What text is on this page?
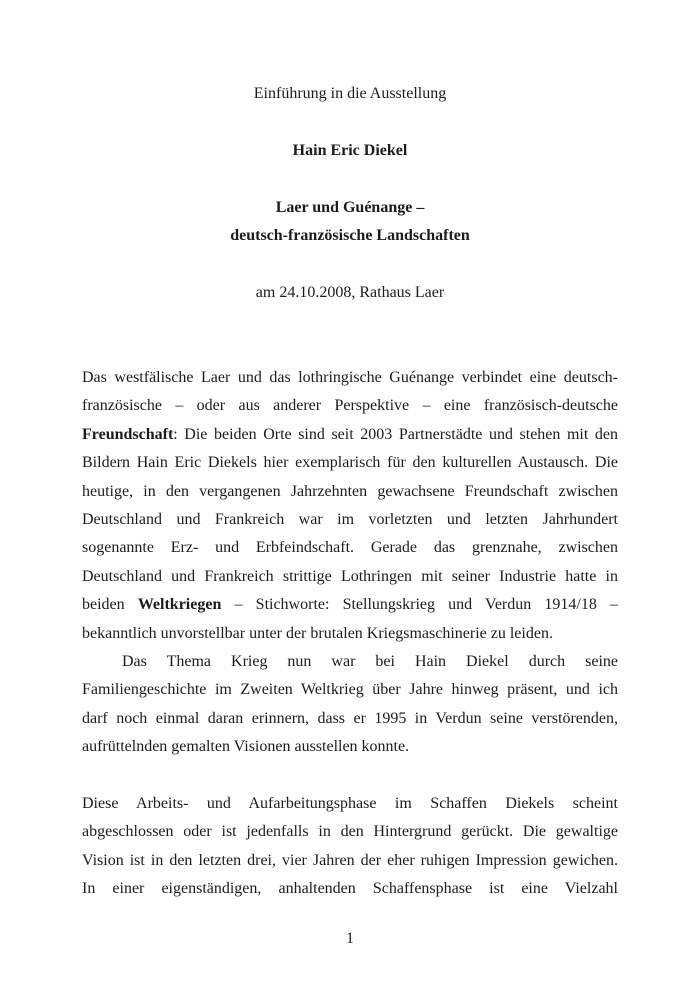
Einführung in die Ausstellung
Hain Eric Diekel
Laer und Guénange –
deutsch-französische Landschaften
am 24.10.2008, Rathaus Laer
Das westfälische Laer und das lothringische Guénange verbindet eine deutsch-
französische – oder aus anderer Perspektive – eine französisch-deutsche
Freundschaft: Die beiden Orte sind seit 2003 Partnerstädte und stehen mit den
Bildern Hain Eric Diekels hier exemplarisch für den kulturellen Austausch. Die
heutige, in den vergangenen Jahrzehnten gewachsene Freundschaft zwischen
Deutschland und Frankreich war im vorletzten und letzten Jahrhundert
sogenannte Erz- und Erbfeindschaft. Gerade das grenznahe, zwischen
Deutschland und Frankreich strittige Lothringen mit seiner Industrie hatte in
beiden Weltkriegen – Stichworte: Stellungskrieg und Verdun 1914/18 –
bekanntlich unvorstellbar unter der brutalen Kriegsmaschinerie zu leiden.
Das Thema Krieg nun war bei Hain Diekel durch seine
Familiengeschichte im Zweiten Weltkrieg über Jahre hinweg präsent, und ich
darf noch einmal daran erinnern, dass er 1995 in Verdun seine verstörenden,
aufrüttelnden gemalten Visionen ausstellen konnte.
Diese Arbeits- und Aufarbeitungsphase im Schaffen Diekels scheint
abgeschlossen oder ist jedenfalls in den Hintergrund gerückt. Die gewaltige
Vision ist in den letzten drei, vier Jahren der eher ruhigen Impression gewichen.
In einer eigenständigen, anhaltenden Schaffensphase ist eine Vielzahl
1
